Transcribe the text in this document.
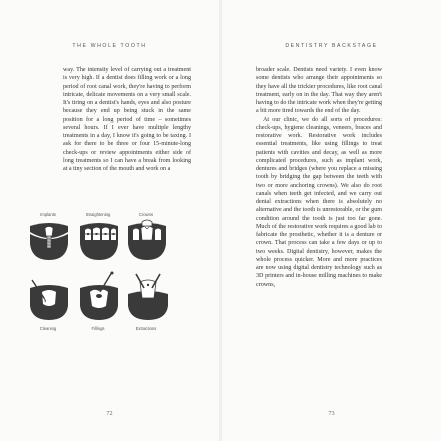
THE WHOLE TOOTH

way. The intensity level of carrying out a treatment is very high. If a dentist does filling work or a long period of root canal work, they're having to perform intricate, delicate movements on a very small scale. It's tiring on a dentist's hands, eyes and also posture because they end up being stuck in the same position for a long period of time – sometimes several hours. If I ever have multiple lengthy treatments in a day, I know it's going to be taxing. I ask for there to be three or four 15-minute-long check-ups or review appointments either side of long treatments so I can have a break from looking at a tiny section of the mouth and work on a

Implants	Straightening	Crowns
Cleaning	Fillings	Extractions
72
DENTISTRY BACKSTAGE

broader scale. Dentists need variety. I even know some dentists who arrange their appointments so they have all the trickier procedures, like root canal treatment, early on in the day. That way they aren't having to do the intricate work when they're getting a bit more tired towards the end of the day.

At our clinic, we do all sorts of procedures: check-ups, hygiene cleanings, veneers, braces and restorative work. Restorative work includes essential treatments, like using fillings to treat patients with cavities and decay, as well as more complicated procedures, such as implant work, dentures and bridges (where you replace a missing tooth by bridging the gap between the teeth with two or more anchoring crowns). We also do root canals when teeth get infected, and we carry out dental extractions when there is absolutely no alternative and the tooth is unrestorable, or the gum condition around the tooth is just too far gone. Much of the restorative work requires a good lab to fabricate the prosthetic, whether it is a denture or crown. That process can take a few days or up to two weeks. Digital dentistry, however, makes the whole process quicker. More and more practices are now using digital dentistry technology such as 3D printers and in-house milling machines to make crowns,

73
